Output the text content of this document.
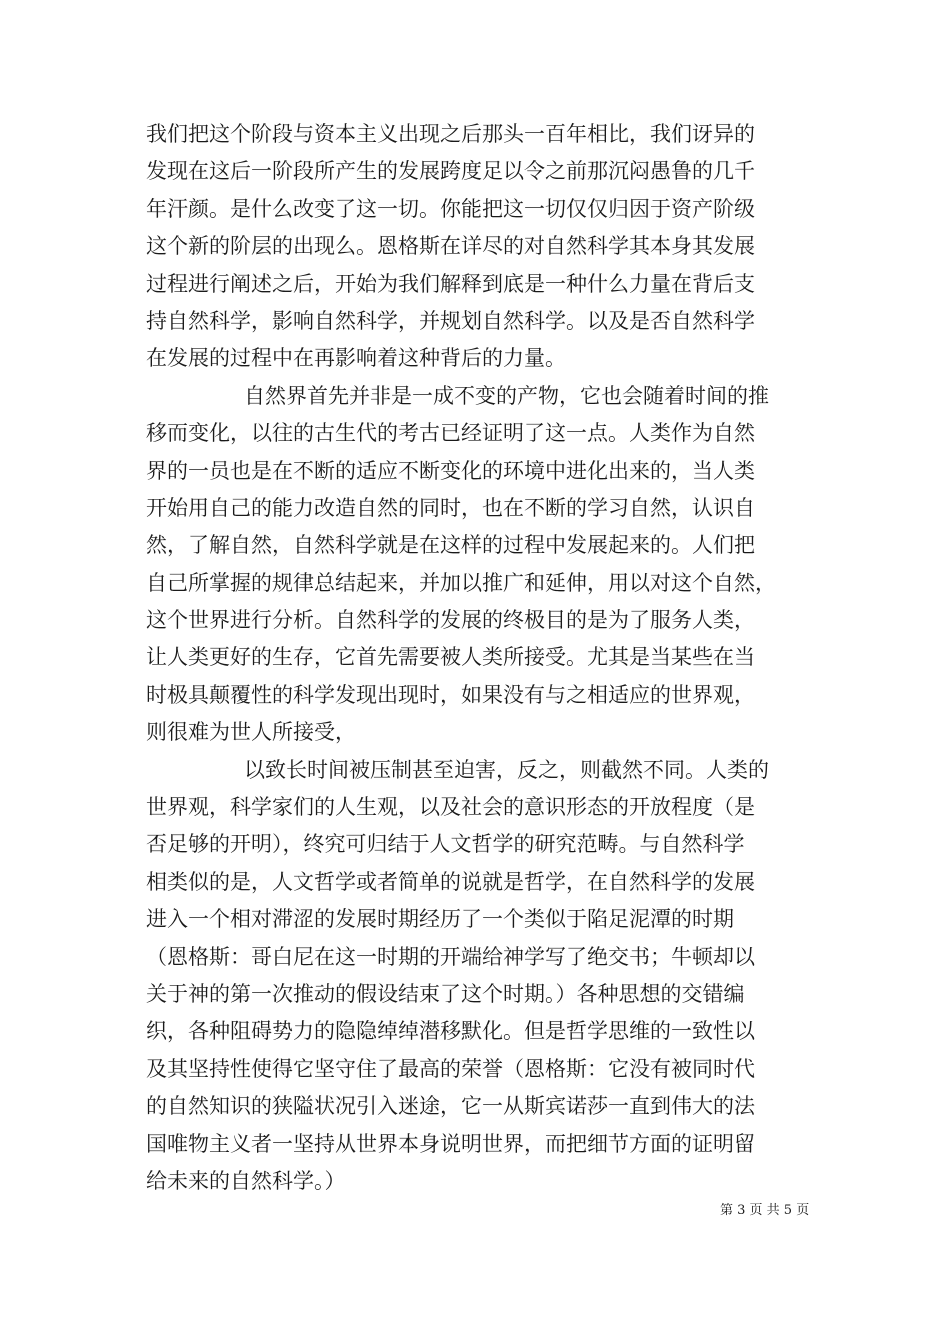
我们把这个阶段与资本主义出现之后那头一百年相比，我们讶异的
发现在这后一阶段所产生的发展跨度足以令之前那沉闷愚鲁的几千
年汗颜。是什么改变了这一切。你能把这一切仅仅归因于资产阶级
这个新的阶层的出现么。恩格斯在详尽的对自然科学其本身其发展
过程进行阐述之后，开始为我们解释到底是一种什么力量在背后支
持自然科学，影响自然科学，并规划自然科学。以及是否自然科学
在发展的过程中在再影响着这种背后的力量。
自然界首先并非是一成不变的产物，它也会随着时间的推
移而变化，以往的古生代的考古已经证明了这一点。人类作为自然
界的一员也是在不断的适应不断变化的环境中进化出来的，当人类
开始用自己的能力改造自然的同时，也在不断的学习自然，认识自
然，了解自然，自然科学就是在这样的过程中发展起来的。人们把
自己所掌握的规律总结起来，并加以推广和延伸，用以对这个自然，
这个世界进行分析。自然科学的发展的终极目的是为了服务人类，
让人类更好的生存，它首先需要被人类所接受。尤其是当某些在当
时极具颠覆性的科学发现出现时，如果没有与之相适应的世界观，
则很难为世人所接受，
以致长时间被压制甚至迫害，反之，则截然不同。人类的
世界观，科学家们的人生观，以及社会的意识形态的开放程度（是
否足够的开明），终究可归结于人文哲学的研究范畴。与自然科学
相类似的是，人文哲学或者简单的说就是哲学，在自然科学的发展
进入一个相对滞涩的发展时期经历了一个类似于陷足泥潭的时期
（恩格斯：哥白尼在这一时期的开端给神学写了绝交书；牛顿却以
关于神的第一次推动的假设结束了这个时期。）各种思想的交错编
织，各种阻碍势力的隐隐绰绰潜移默化。但是哲学思维的一致性以
及其坚持性使得它坚守住了最高的荣誉（恩格斯：它没有被同时代
的自然知识的狭隘状况引入迷途，它一从斯宾诺莎一直到伟大的法
国唯物主义者一坚持从世界本身说明世界，而把细节方面的证明留
给未来的自然科学。）
第 3 页 共 5 页
